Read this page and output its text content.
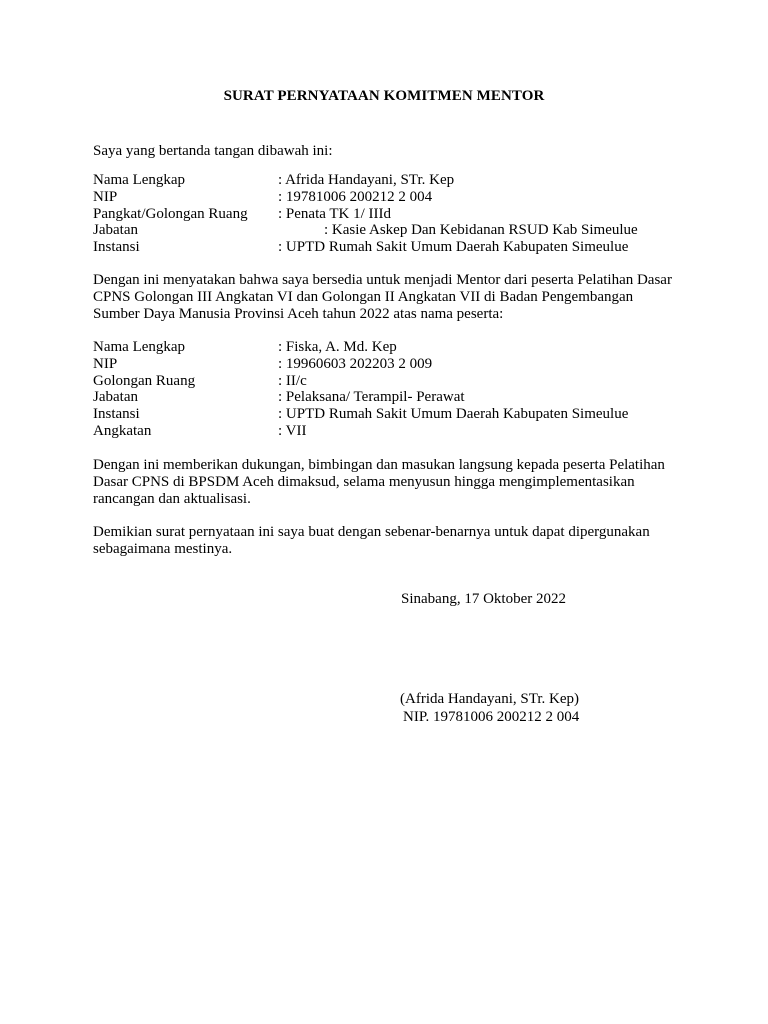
SURAT PERNYATAAN KOMITMEN MENTOR
Saya yang bertanda tangan dibawah ini:
Nama Lengkap	: Afrida Handayani, STr. Kep
NIP	: 19781006 200212 2 004
Pangkat/Golongan Ruang	: Penata TK 1/ IIId
Jabatan	: Kasie Askep Dan Kebidanan RSUD Kab Simeulue
Instansi	: UPTD Rumah Sakit Umum Daerah Kabupaten Simeulue
Dengan ini menyatakan bahwa saya bersedia untuk menjadi Mentor dari peserta Pelatihan Dasar CPNS Golongan III Angkatan VI dan Golongan II Angkatan VII di Badan Pengembangan Sumber Daya Manusia Provinsi Aceh tahun 2022 atas nama peserta:
Nama Lengkap	: Fiska, A. Md. Kep
NIP	: 19960603 202203 2 009
Golongan Ruang	: II/c
Jabatan	: Pelaksana/ Terampil- Perawat
Instansi	: UPTD Rumah Sakit Umum Daerah Kabupaten Simeulue
Angkatan	: VII
Dengan ini memberikan dukungan, bimbingan dan masukan langsung kepada peserta Pelatihan Dasar CPNS di BPSDM Aceh dimaksud, selama menyusun hingga mengimplementasikan rancangan dan aktualisasi.
Demikian surat pernyataan ini saya buat dengan sebenar-benarnya untuk dapat dipergunakan sebagaimana mestinya.
Sinabang, 17 Oktober 2022
(Afrida Handayani, STr. Kep)
NIP. 19781006 200212 2 004
